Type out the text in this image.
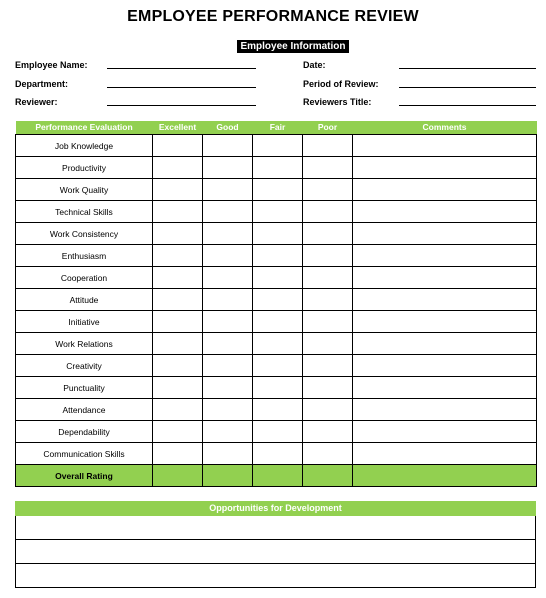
EMPLOYEE PERFORMANCE REVIEW
Employee Information
Employee Name:
Department:
Reviewer:
Date:
Period of Review:
Reviewers Title:
Performance Evaluation	Excellent	Good	Fair	Poor	Comments
Job Knowledge					
Productivity					
Work Quality					
Technical Skills					
Work Consistency					
Enthusiasm					
Cooperation					
Attitude					
Initiative					
Work Relations					
Creativity					
Punctuality					
Attendance					
Dependability					
Communication Skills					
Overall Rating					
Opportunities for Development
